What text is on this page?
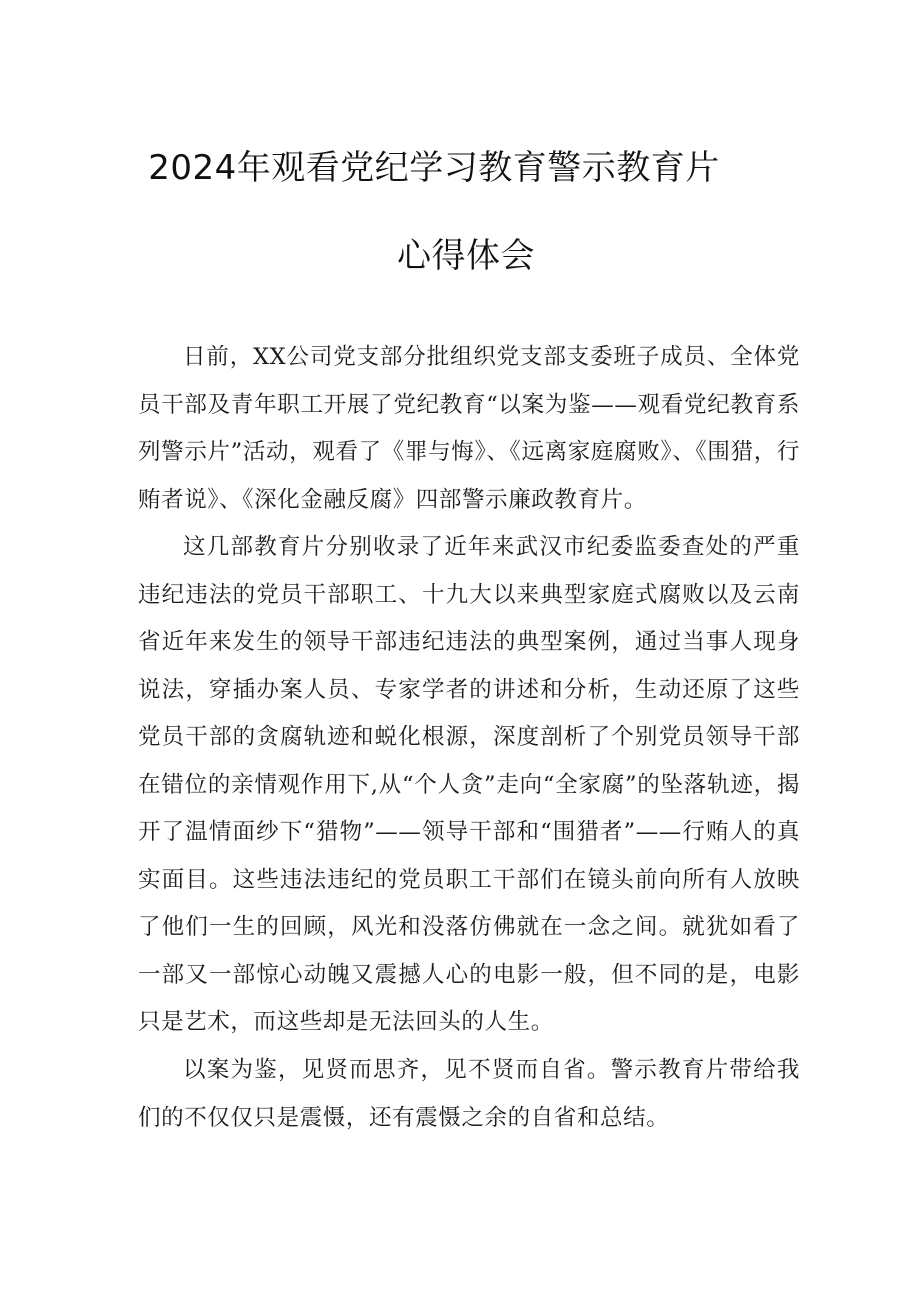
2024年观看党纪学习教育警示教育片
心得体会
日前，XX公司党支部分批组织党支部支委班子成员、全体党员干部及青年职工开展了党纪教育“以案为鉴——观看党纪教育系列警示片”活动，观看了《罪与悔》、《远离家庭腐败》、《围猎，行贿者说》、《深化金融反腐》四部警示廉政教育片。
这几部教育片分别收录了近年来武汉市纪委监委查处的严重违纪违法的党员干部职工、十九大以来典型家庭式腐败以及云南省近年来发生的领导干部违纪违法的典型案例，通过当事人现身说法，穿插办案人员、专家学者的讲述和分析，生动还原了这些党员干部的贪腐轨迹和蜕化根源，深度剖析了个别党员领导干部在错位的亲情观作用下,从“个人贪”走向“全家腐”的坠落轨迹，揭开了温情面纱下“猎物”——领导干部和“围猎者”——行贿人的真实面目。这些违法违纪的党员职工干部们在镜头前向所有人放映了他们一生的回顾，风光和没落仿佛就在一念之间。就犹如看了一部又一部惊心动魄又震撼人心的电影一般，但不同的是，电影只是艺术，而这些却是无法回头的人生。
以案为鉴，见贤而思齐，见不贤而自省。警示教育片带给我们的不仅仅只是震慑，还有震慑之余的自省和总结。
